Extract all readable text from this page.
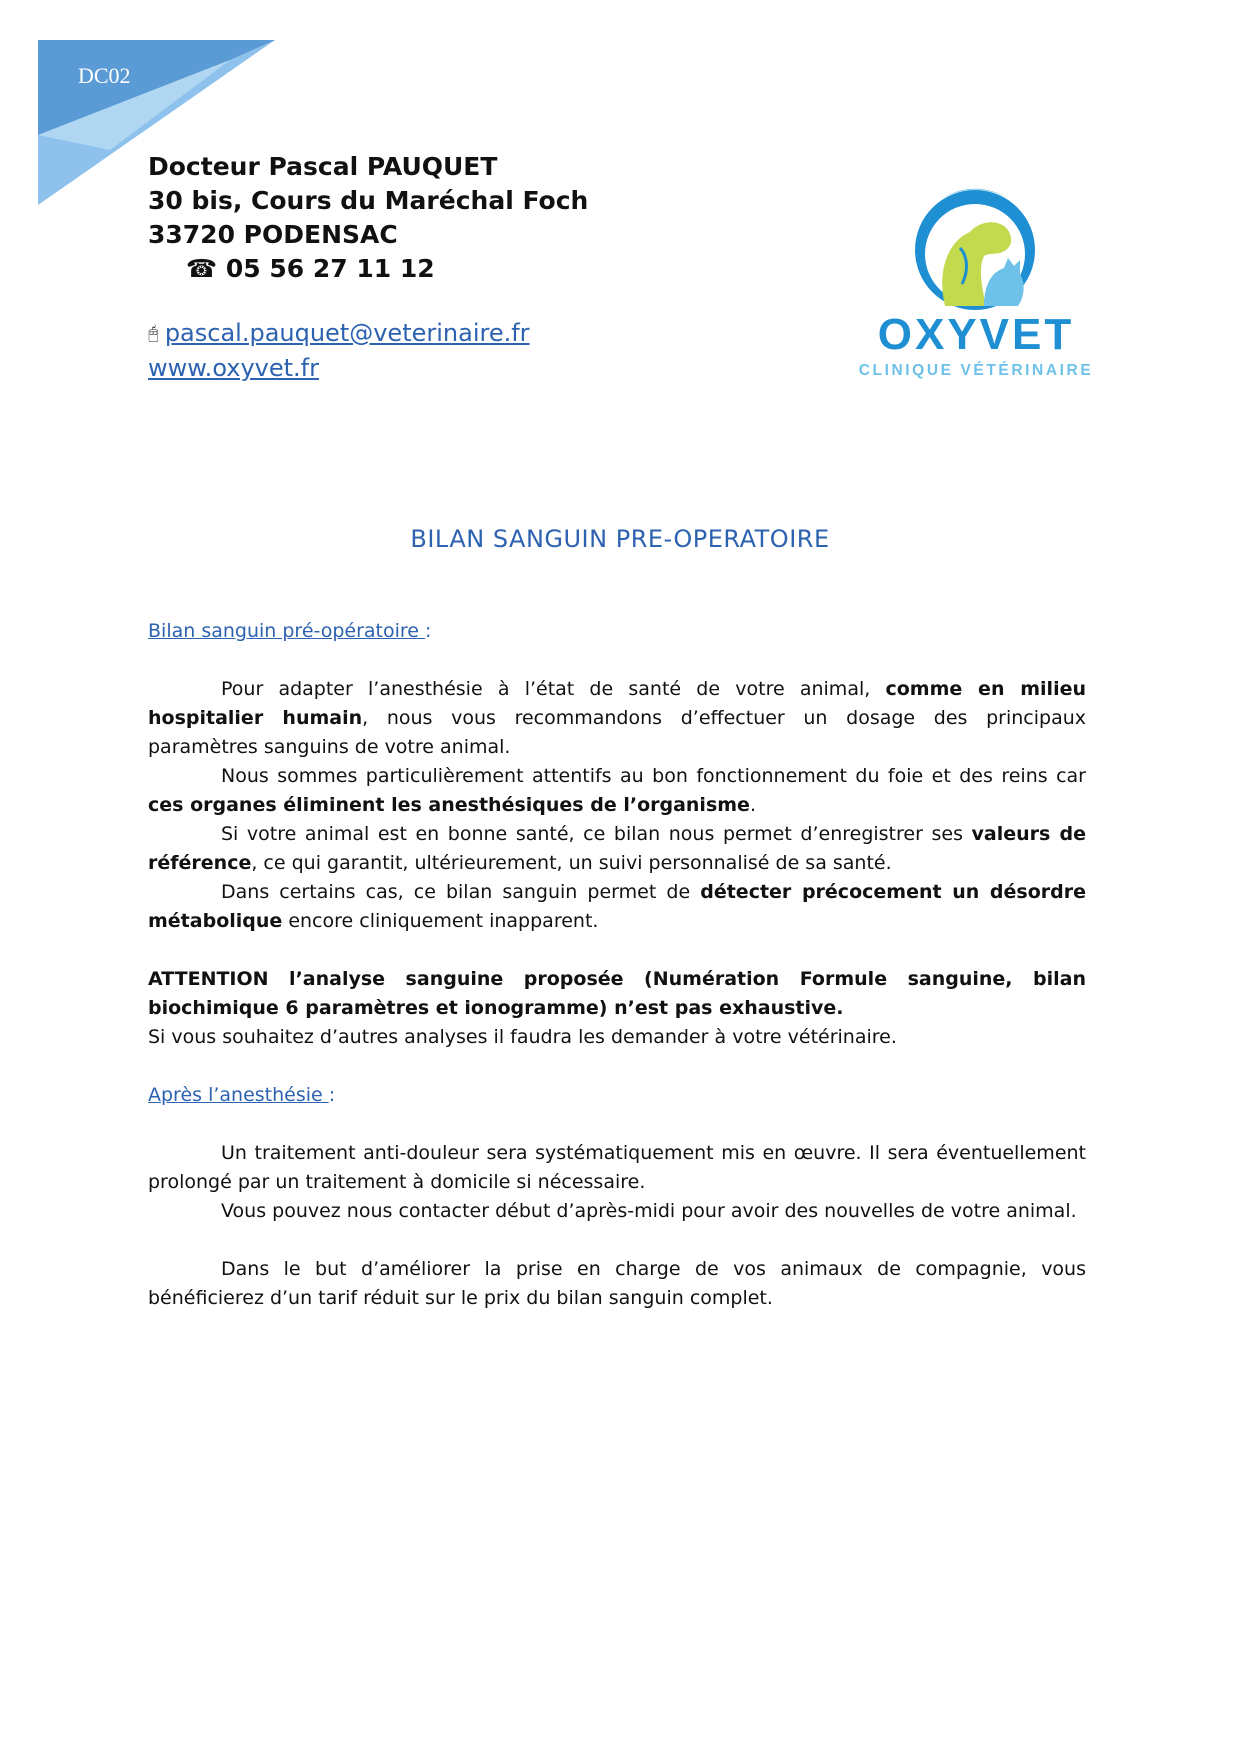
DC02
Docteur Pascal PAUQUET
30 bis, Cours du Maréchal Foch
33720 PODENSAC
☎ 05 56 27 11 12
🖰 pascal.pauquet@veterinaire.fr
www.oxyvet.fr
OXYVET
CLINIQUE VÉTÉRINAIRE
BILAN SANGUIN PRE-OPERATOIRE
Bilan sanguin pré-opératoire :

Pour adapter l’anesthésie à l’état de santé de votre animal, comme en milieu hospitalier humain, nous vous recommandons d’effectuer un dosage des principaux paramètres sanguins de votre animal.

Nous sommes particulièrement attentifs au bon fonctionnement du foie et des reins car ces organes éliminent les anesthésiques de l’organisme.

Si votre animal est en bonne santé, ce bilan nous permet d’enregistrer ses valeurs de référence, ce qui garantit, ultérieurement, un suivi personnalisé de sa santé.

Dans certains cas, ce bilan sanguin permet de détecter précocement un désordre métabolique encore cliniquement inapparent.

ATTENTION l’analyse sanguine proposée (Numération Formule sanguine, bilan biochimique 6 paramètres et ionogramme) n’est pas exhaustive.

Si vous souhaitez d’autres analyses il faudra les demander à votre vétérinaire.

Après l’anesthésie :

Un traitement anti-douleur sera systématiquement mis en œuvre. Il sera éventuellement prolongé par un traitement à domicile si nécessaire.

Vous pouvez nous contacter début d’après-midi pour avoir des nouvelles de votre animal.

Dans le but d’améliorer la prise en charge de vos animaux de compagnie, vous bénéficierez d’un tarif réduit sur le prix du bilan sanguin complet.
